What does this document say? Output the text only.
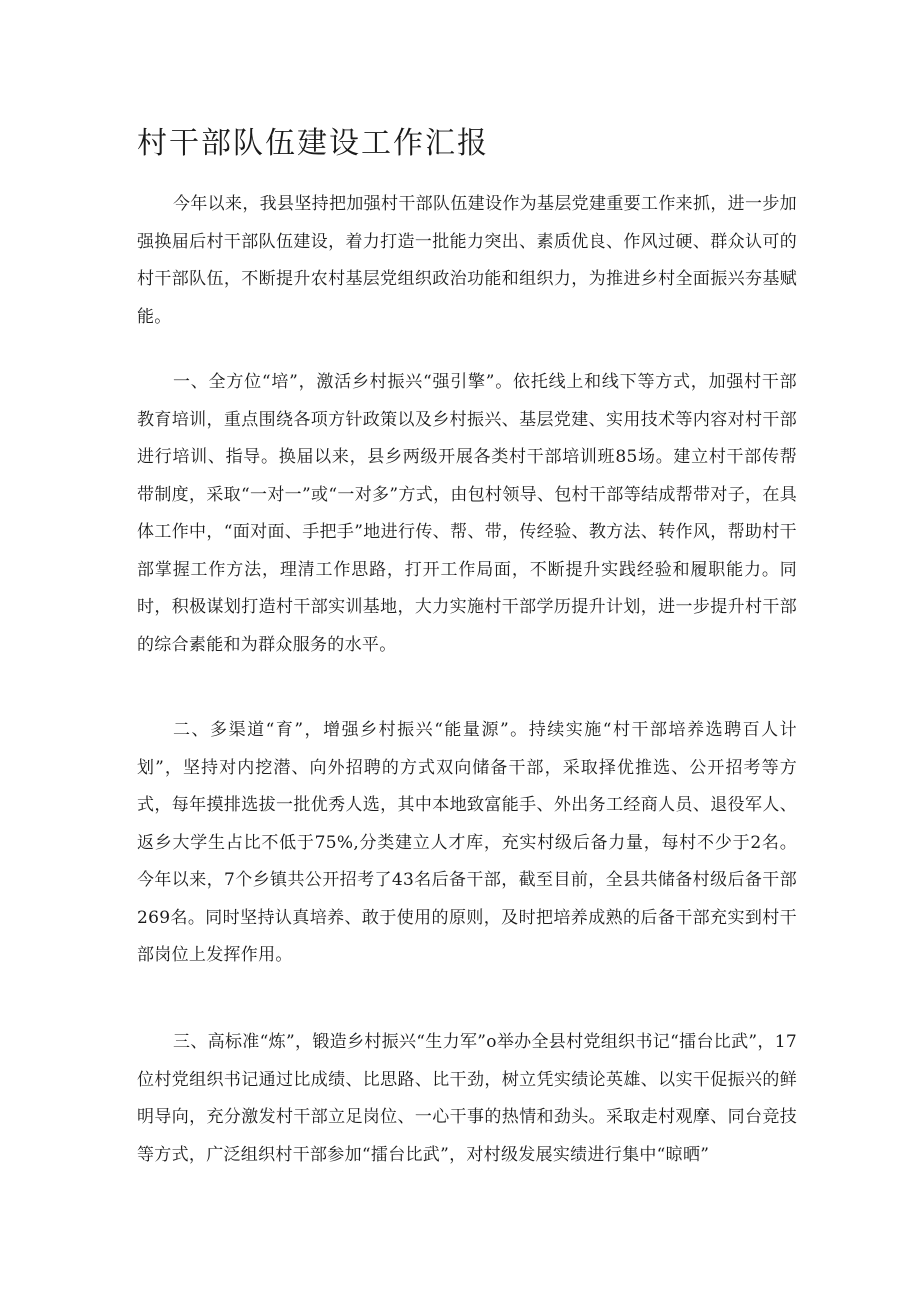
村干部队伍建设工作汇报

今年以来，我县坚持把加强村干部队伍建设作为基层党建重要工作来抓，进一步加强换届后村干部队伍建设，着力打造一批能力突出、素质优良、作风过硬、群众认可的村干部队伍，不断提升农村基层党组织政治功能和组织力，为推进乡村全面振兴夯基赋能。

一、全方位“培”，激活乡村振兴“强引擎”。依托线上和线下等方式，加强村干部教育培训，重点围绕各项方针政策以及乡村振兴、基层党建、实用技术等内容对村干部进行培训、指导。换届以来，县乡两级开展各类村干部培训班85场。建立村干部传帮带制度，采取“一对一”或“一对多”方式，由包村领导、包村干部等结成帮带对子，在具体工作中，“面对面、手把手”地进行传、帮、带，传经验、教方法、转作风，帮助村干部掌握工作方法，理清工作思路，打开工作局面，不断提升实践经验和履职能力。同时，积极谋划打造村干部实训基地，大力实施村干部学历提升计划，进一步提升村干部的综合素能和为群众服务的水平。

二、多渠道“育”，增强乡村振兴“能量源”。持续实施“村干部培养选聘百人计划”，坚持对内挖潜、向外招聘的方式双向储备干部，采取择优推选、公开招考等方式，每年摸排选拔一批优秀人选，其中本地致富能手、外出务工经商人员、退役军人、返乡大学生占比不低于75%,分类建立人才库，充实村级后备力量，每村不少于2名。今年以来，7个乡镇共公开招考了43名后备干部，截至目前，全县共储备村级后备干部269名。同时坚持认真培养、敢于使用的原则，及时把培养成熟的后备干部充实到村干部岗位上发挥作用。

三、高标准“炼”，锻造乡村振兴“生力军”o举办全县村党组织书记“擂台比武”，17位村党组织书记通过比成绩、比思路、比干劲，树立凭实绩论英雄、以实干促振兴的鲜明导向，充分激发村干部立足岗位、一心干事的热情和劲头。采取走村观摩、同台竞技等方式，广泛组织村干部参加“擂台比武”，对村级发展实绩进行集中“晾晒”
